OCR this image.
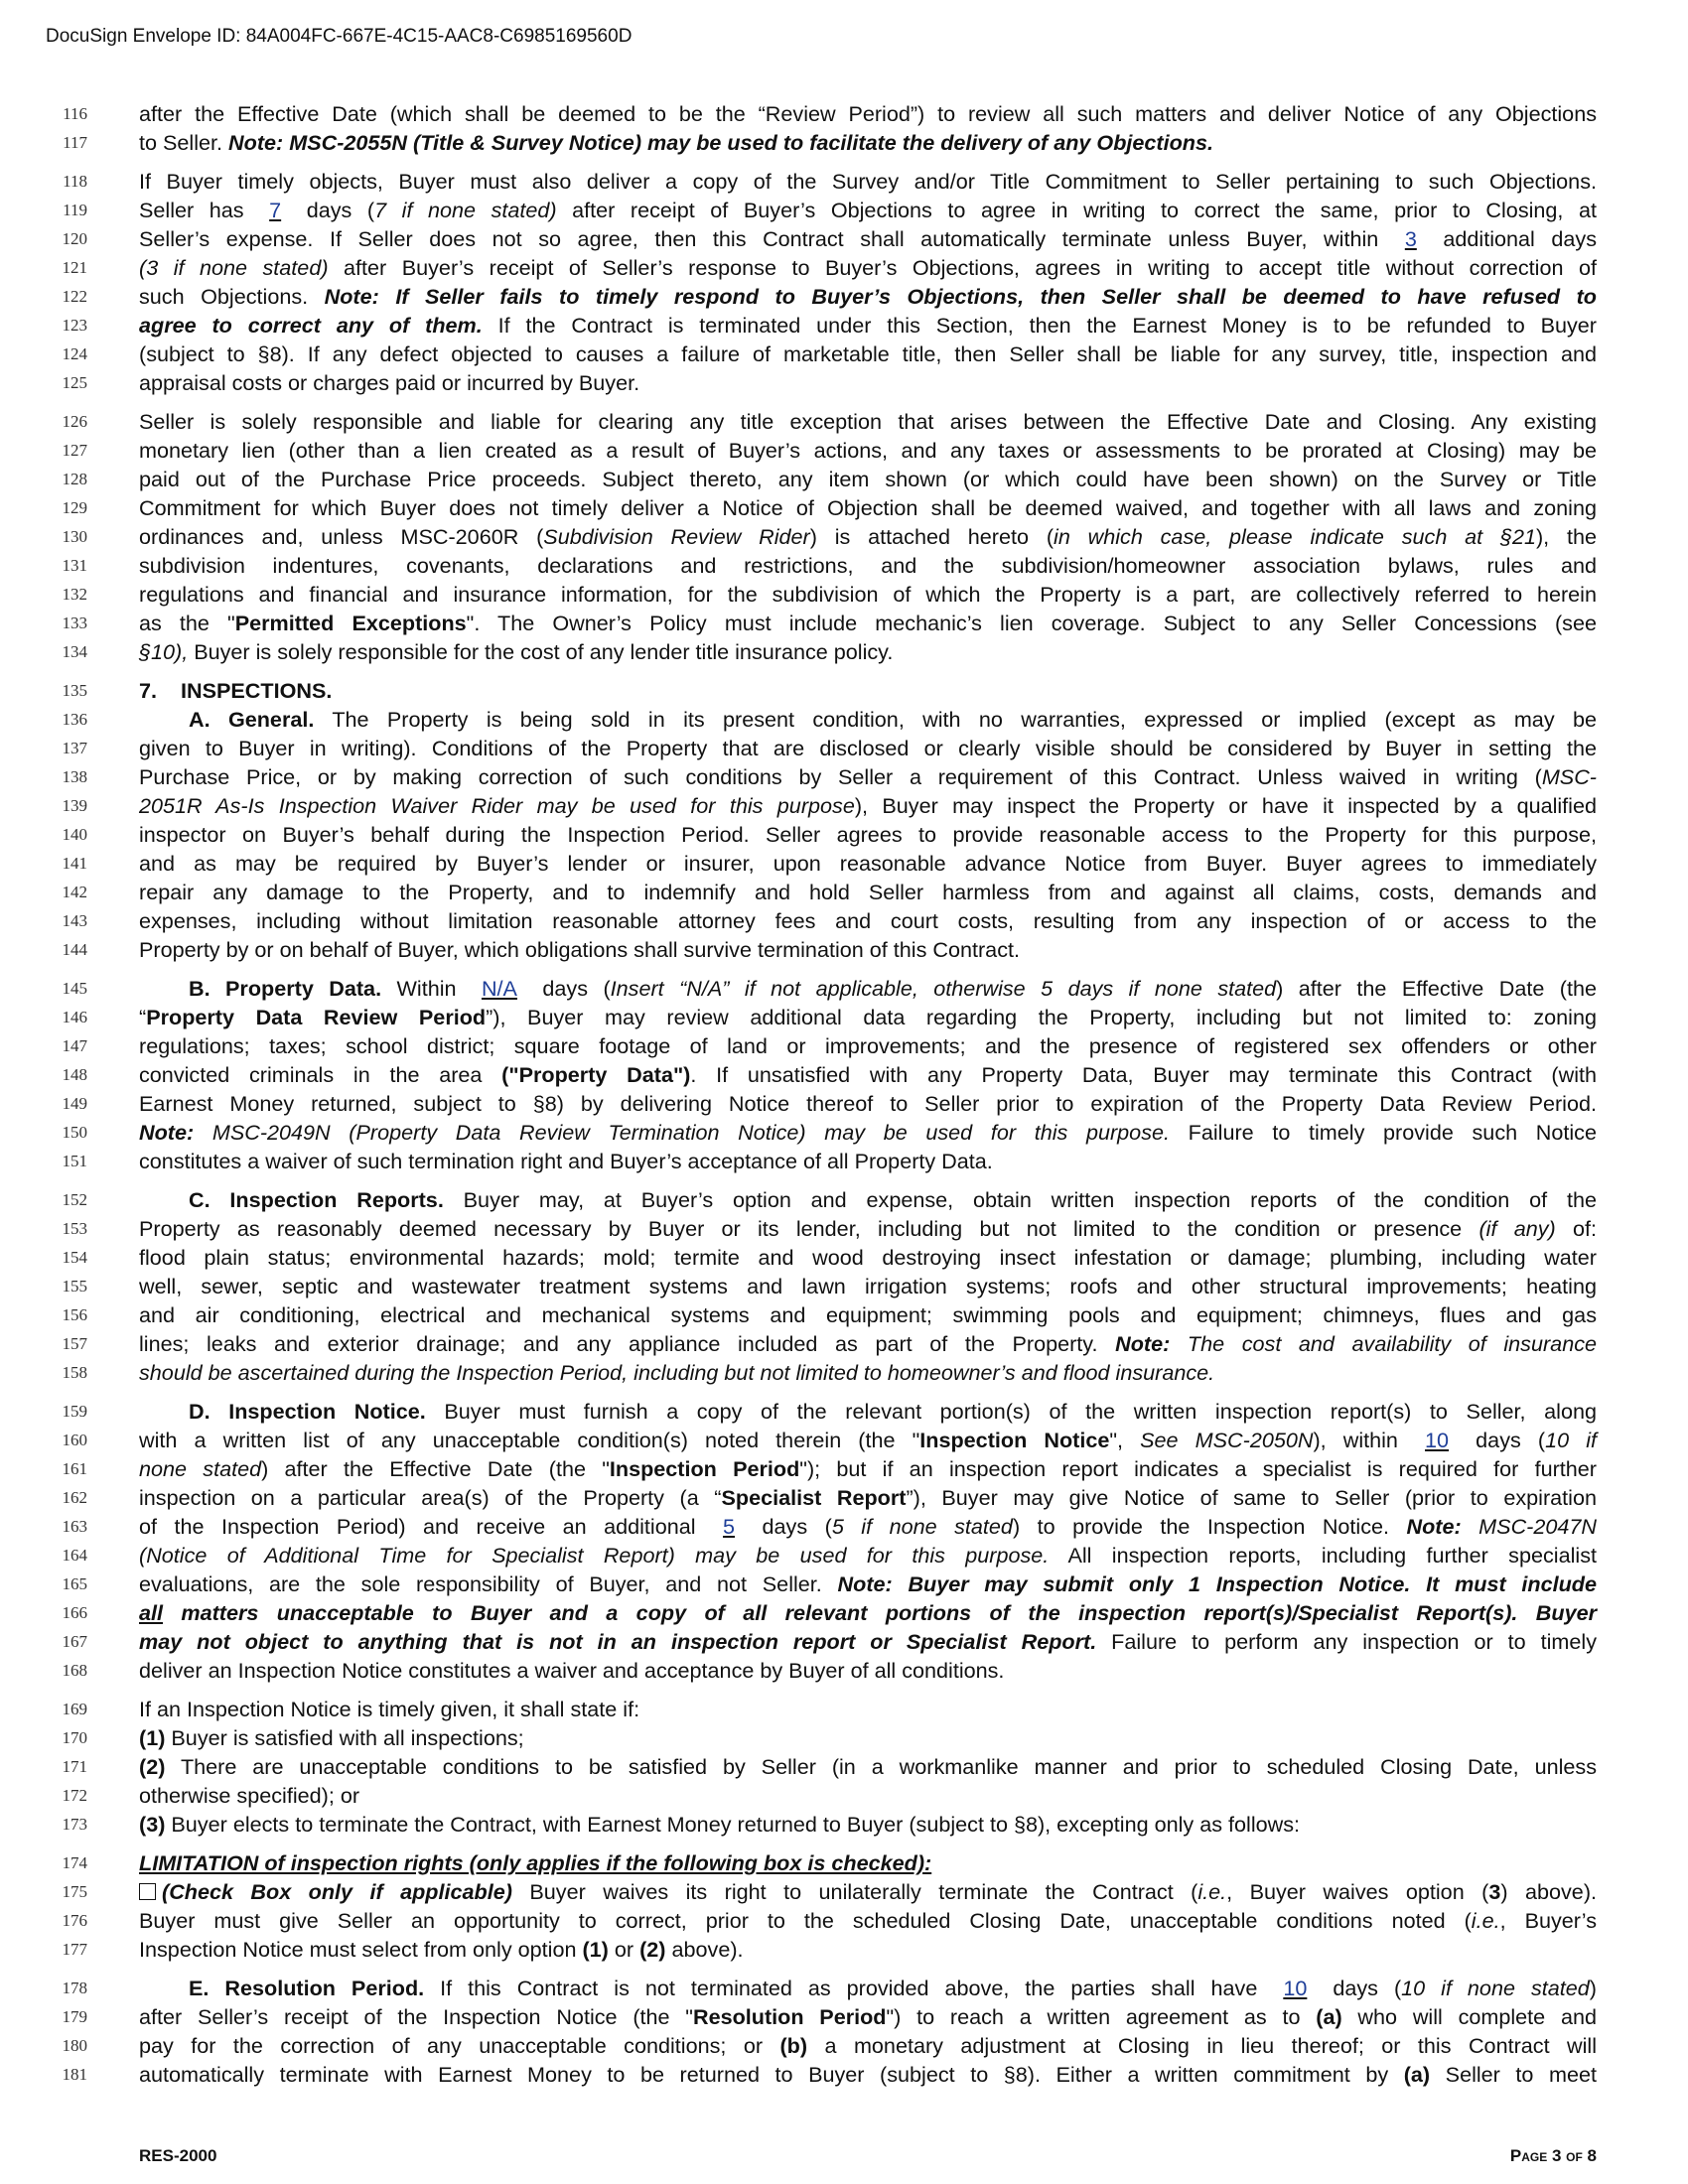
DocuSign Envelope ID: 84A004FC-667E-4C15-AAC8-C6985169560D
116 after the Effective Date (which shall be deemed to be the “Review Period”) to review all such matters and deliver Notice of any Objections
117 to Seller. Note: MSC-2055N (Title & Survey Notice) may be used to facilitate the delivery of any Objections.
118 If Buyer timely objects, Buyer must also deliver a copy of the Survey and/or Title Commitment to Seller pertaining to such Objections.
119 Seller has 7 days (7 if none stated) after receipt of Buyer’s Objections to agree in writing to correct the same, prior to Closing, at
120 Seller’s expense. If Seller does not so agree, then this Contract shall automatically terminate unless Buyer, within 3 additional days
121 (3 if none stated) after Buyer’s receipt of Seller’s response to Buyer’s Objections, agrees in writing to accept title without correction of
122 such Objections. Note: If Seller fails to timely respond to Buyer’s Objections, then Seller shall be deemed to have refused to
123 agree to correct any of them. If the Contract is terminated under this Section, then the Earnest Money is to be refunded to Buyer
124 (subject to §8). If any defect objected to causes a failure of marketable title, then Seller shall be liable for any survey, title, inspection and
125 appraisal costs or charges paid or incurred by Buyer.
126 Seller is solely responsible and liable for clearing any title exception that arises between the Effective Date and Closing. Any existing
127 monetary lien (other than a lien created as a result of Buyer’s actions, and any taxes or assessments to be prorated at Closing) may be
128 paid out of the Purchase Price proceeds. Subject thereto, any item shown (or which could have been shown) on the Survey or Title
129 Commitment for which Buyer does not timely deliver a Notice of Objection shall be deemed waived, and together with all laws and zoning
130 ordinances and, unless MSC-2060R (Subdivision Review Rider) is attached hereto (in which case, please indicate such at §21), the
131 subdivision indentures, covenants, declarations and restrictions, and the subdivision/homeowner association bylaws, rules and
132 regulations and financial and insurance information, for the subdivision of which the Property is a part, are collectively referred to herein
133 as the "Permitted Exceptions". The Owner’s Policy must include mechanic’s lien coverage. Subject to any Seller Concessions (see
134 §10), Buyer is solely responsible for the cost of any lender title insurance policy.
135 7.    INSPECTIONS.
136	A. General. The Property is being sold in its present condition, with no warranties, expressed or implied (except as may be
137 given to Buyer in writing). Conditions of the Property that are disclosed or clearly visible should be considered by Buyer in setting the
138 Purchase Price, or by making correction of such conditions by Seller a requirement of this Contract. Unless waived in writing (MSC-
139 2051R As-Is Inspection Waiver Rider may be used for this purpose), Buyer may inspect the Property or have it inspected by a qualified
140 inspector on Buyer’s behalf during the Inspection Period. Seller agrees to provide reasonable access to the Property for this purpose,
141 and as may be required by Buyer’s lender or insurer, upon reasonable advance Notice from Buyer. Buyer agrees to immediately
142 repair any damage to the Property, and to indemnify and hold Seller harmless from and against all claims, costs, demands and
143 expenses, including without limitation reasonable attorney fees and court costs, resulting from any inspection of or access to the
144 Property by or on behalf of Buyer, which obligations shall survive termination of this Contract.
145	B. Property Data. Within N/A days (Insert “N/A” if not applicable, otherwise 5 days if none stated) after the Effective Date (the
146 “Property Data Review Period”), Buyer may review additional data regarding the Property, including but not limited to: zoning
147 regulations; taxes; school district; square footage of land or improvements; and the presence of registered sex offenders or other
148 convicted criminals in the area ("Property Data"). If unsatisfied with any Property Data, Buyer may terminate this Contract (with
149 Earnest Money returned, subject to §8) by delivering Notice thereof to Seller prior to expiration of the Property Data Review Period.
150 Note: MSC-2049N (Property Data Review Termination Notice) may be used for this purpose. Failure to timely provide such Notice
151 constitutes a waiver of such termination right and Buyer’s acceptance of all Property Data.
152	C. Inspection Reports. Buyer may, at Buyer’s option and expense, obtain written inspection reports of the condition of the
153 Property as reasonably deemed necessary by Buyer or its lender, including but not limited to the condition or presence (if any) of:
154 flood plain status; environmental hazards; mold; termite and wood destroying insect infestation or damage; plumbing, including water
155 well, sewer, septic and wastewater treatment systems and lawn irrigation systems; roofs and other structural improvements; heating
156 and air conditioning, electrical and mechanical systems and equipment; swimming pools and equipment; chimneys, flues and gas
157 lines; leaks and exterior drainage; and any appliance included as part of the Property. Note: The cost and availability of insurance
158 should be ascertained during the Inspection Period, including but not limited to homeowner’s and flood insurance.
159	D. Inspection Notice. Buyer must furnish a copy of the relevant portion(s) of the written inspection report(s) to Seller, along
160 with a written list of any unacceptable condition(s) noted therein (the "Inspection Notice", See MSC-2050N), within 10 days (10 if
161 none stated) after the Effective Date (the "Inspection Period"); but if an inspection report indicates a specialist is required for further
162 inspection on a particular area(s) of the Property (a “Specialist Report”), Buyer may give Notice of same to Seller (prior to expiration
163 of the Inspection Period) and receive an additional 5 days (5 if none stated) to provide the Inspection Notice. Note: MSC-2047N
164 (Notice of Additional Time for Specialist Report) may be used for this purpose. All inspection reports, including further specialist
165 evaluations, are the sole responsibility of Buyer, and not Seller. Note: Buyer may submit only 1 Inspection Notice. It must include
166 all matters unacceptable to Buyer and a copy of all relevant portions of the inspection report(s)/Specialist Report(s). Buyer
167 may not object to anything that is not in an inspection report or Specialist Report. Failure to perform any inspection or to timely
168 deliver an Inspection Notice constitutes a waiver and acceptance by Buyer of all conditions.
169 If an Inspection Notice is timely given, it shall state if:
170 (1) Buyer is satisfied with all inspections;
171 (2) There are unacceptable conditions to be satisfied by Seller (in a workmanlike manner and prior to scheduled Closing Date, unless
172 otherwise specified); or
173 (3) Buyer elects to terminate the Contract, with Earnest Money returned to Buyer (subject to §8), excepting only as follows:
174 LIMITATION of inspection rights (only applies if the following box is checked):
175	(Check Box only if applicable) Buyer waives its right to unilaterally terminate the Contract (i.e., Buyer waives option (3) above).
176 Buyer must give Seller an opportunity to correct, prior to the scheduled Closing Date, unacceptable conditions noted (i.e., Buyer’s
177 Inspection Notice must select from only option (1) or (2) above).
178	E. Resolution Period. If this Contract is not terminated as provided above, the parties shall have 10 days (10 if none stated)
179 after Seller’s receipt of the Inspection Notice (the "Resolution Period") to reach a written agreement as to (a) who will complete and
180 pay for the correction of any unacceptable conditions; or (b) a monetary adjustment at Closing in lieu thereof; or this Contract will
181 automatically terminate with Earnest Money to be returned to Buyer (subject to §8). Either a written commitment by (a) Seller to meet
RES-2000	Page 3 of 8
